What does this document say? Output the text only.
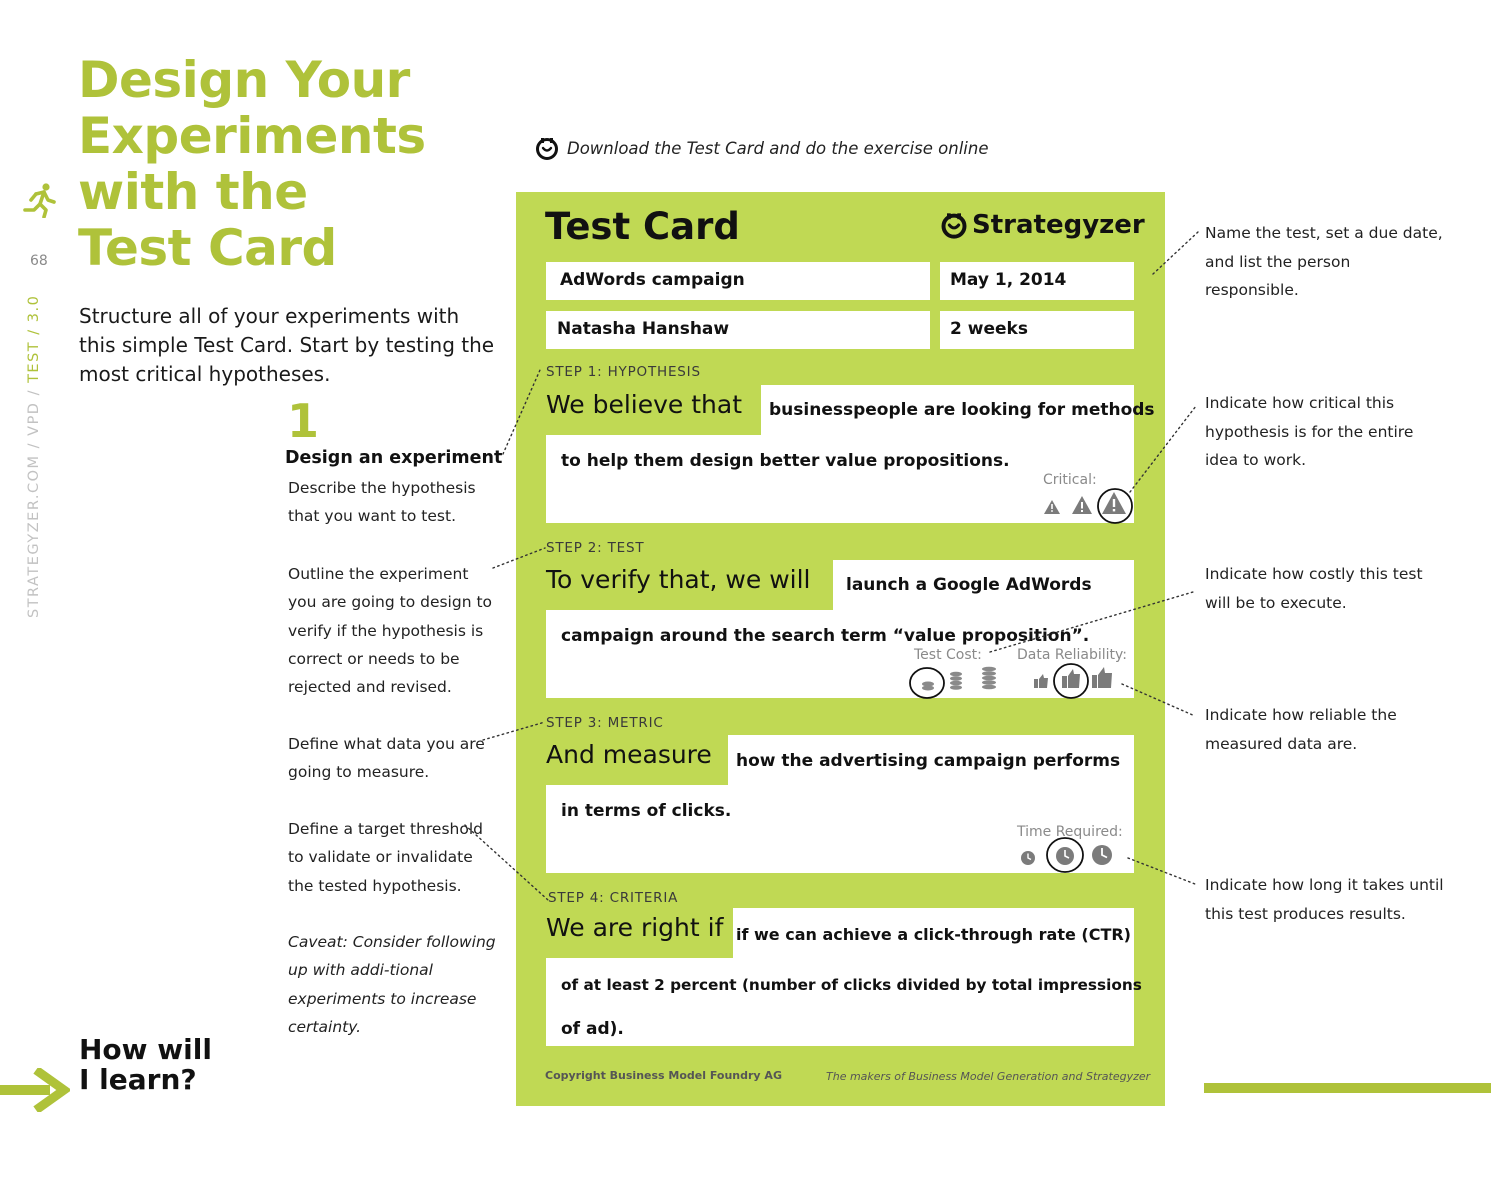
Design Your
Experiments
with the
Test Card
68
STRATEGYZER.COM / VPD / TEST / 3.0 Structure all of your experiments with this simple Test Card. Start by testing the most critical hypotheses.

1
Design an experiment

Describe the hypothesis that you want to test.

Outline the experiment you are going to design to verify if the hypothesis is correct or needs to be rejected and revised.

Define what data you are going to measure.

Define a target threshold to validate or invalidate the tested hypothesis.

Caveat: Consider following up with addi-tional experiments to increase certainty.

How will
I learn?
Download the Test Card and do the exercise online
Test Card	Strategyzer
AdWords campaign	May 1, 2014
Natasha Hanshaw	2 weeks
STEP 1: HYPOTHESIS
We believe that businesspeople are looking for methods
to help them design better value propositions.
Critical:
STEP 2: TEST
To verify that, we will launch a Google AdWords
campaign around the search term “value proposition”.
Test Cost:	Data Reliability:
STEP 3: METRIC
And measure how the advertising campaign performs
in terms of clicks.
Time Required:
STEP 4: CRITERIA
We are right if if we can achieve a click-through rate (CTR)
of at least 2 percent (number of clicks divided by total impressions
of ad).
Copyright Business Model Foundry AG	The makers of Business Model Generation and Strategyzer

Name the test, set a due date, and list the person responsible.

Indicate how critical this hypothesis is for the entire idea to work.

Indicate how costly this test will be to execute.

Indicate how reliable the measured data are.

Indicate how long it takes until this test produces results.
